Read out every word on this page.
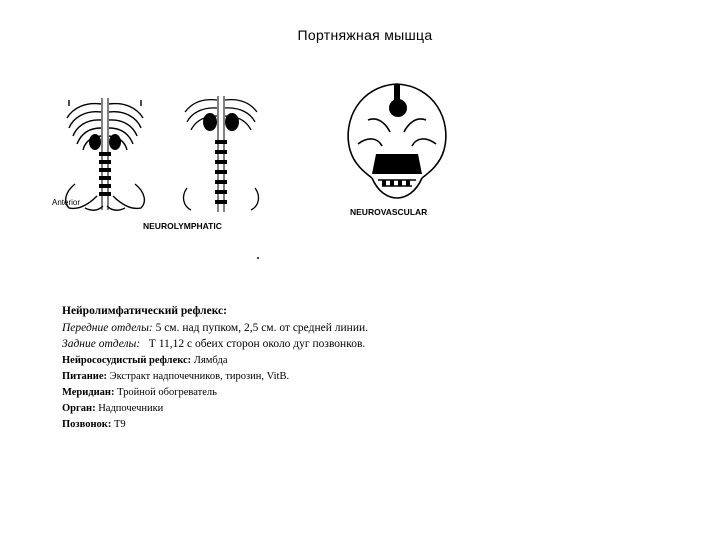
Портняжная мышца
Anterior
NEUROLYMPHATIC
NEUROVASCULAR
Нейролимфатический рефлекс:
Передние отделы: 5 см. над пупком, 2,5 см. от средней линии.
Задние отделы: Т 11,12 с обеих сторон около дуг позвонков.
Нейрососудистый рефлекс: Лямбда
Питание: Экстракт надпочечников, тирозин, VitB.
Меридиан: Тройной обогреватель
Орган: Надпочечники
Позвонок: Т9
